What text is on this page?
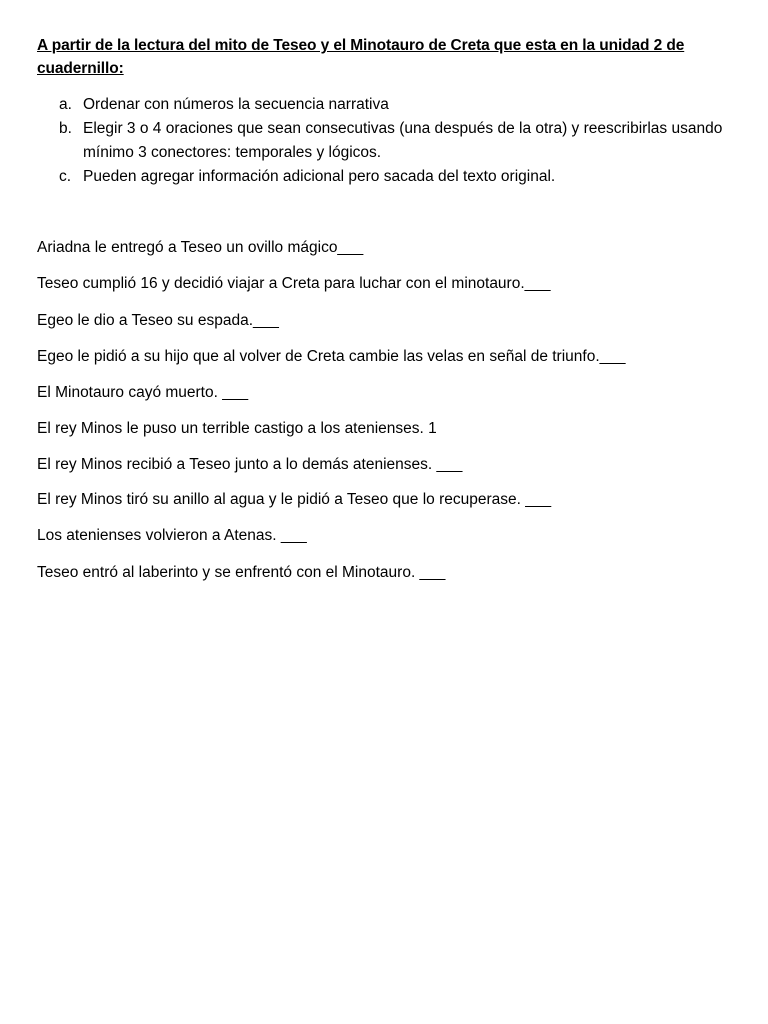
A partir de la lectura del mito de Teseo y el Minotauro de Creta que esta en la unidad 2 de cuadernillo:
a. Ordenar con números la secuencia narrativa
b. Elegir 3 o 4 oraciones que sean consecutivas (una después de la otra) y reescribirlas usando mínimo 3 conectores: temporales y lógicos.
c. Pueden agregar información adicional pero sacada del texto original.
Ariadna le entregó a Teseo un ovillo mágico___
Teseo cumplió 16 y decidió viajar a Creta para luchar con el minotauro.___
Egeo le dio a Teseo su espada.___
Egeo le pidió a su hijo que al volver de Creta cambie las velas en señal de triunfo.___
El Minotauro cayó muerto. ___
El rey Minos le puso un terrible castigo a los atenienses. 1
El rey Minos recibió a Teseo junto a lo demás atenienses. ___
El rey Minos tiró su anillo al agua y le pidió a Teseo que lo recuperase. ___
Los atenienses volvieron a Atenas. ___
Teseo entró al laberinto y se enfrentó con el Minotauro. ___
